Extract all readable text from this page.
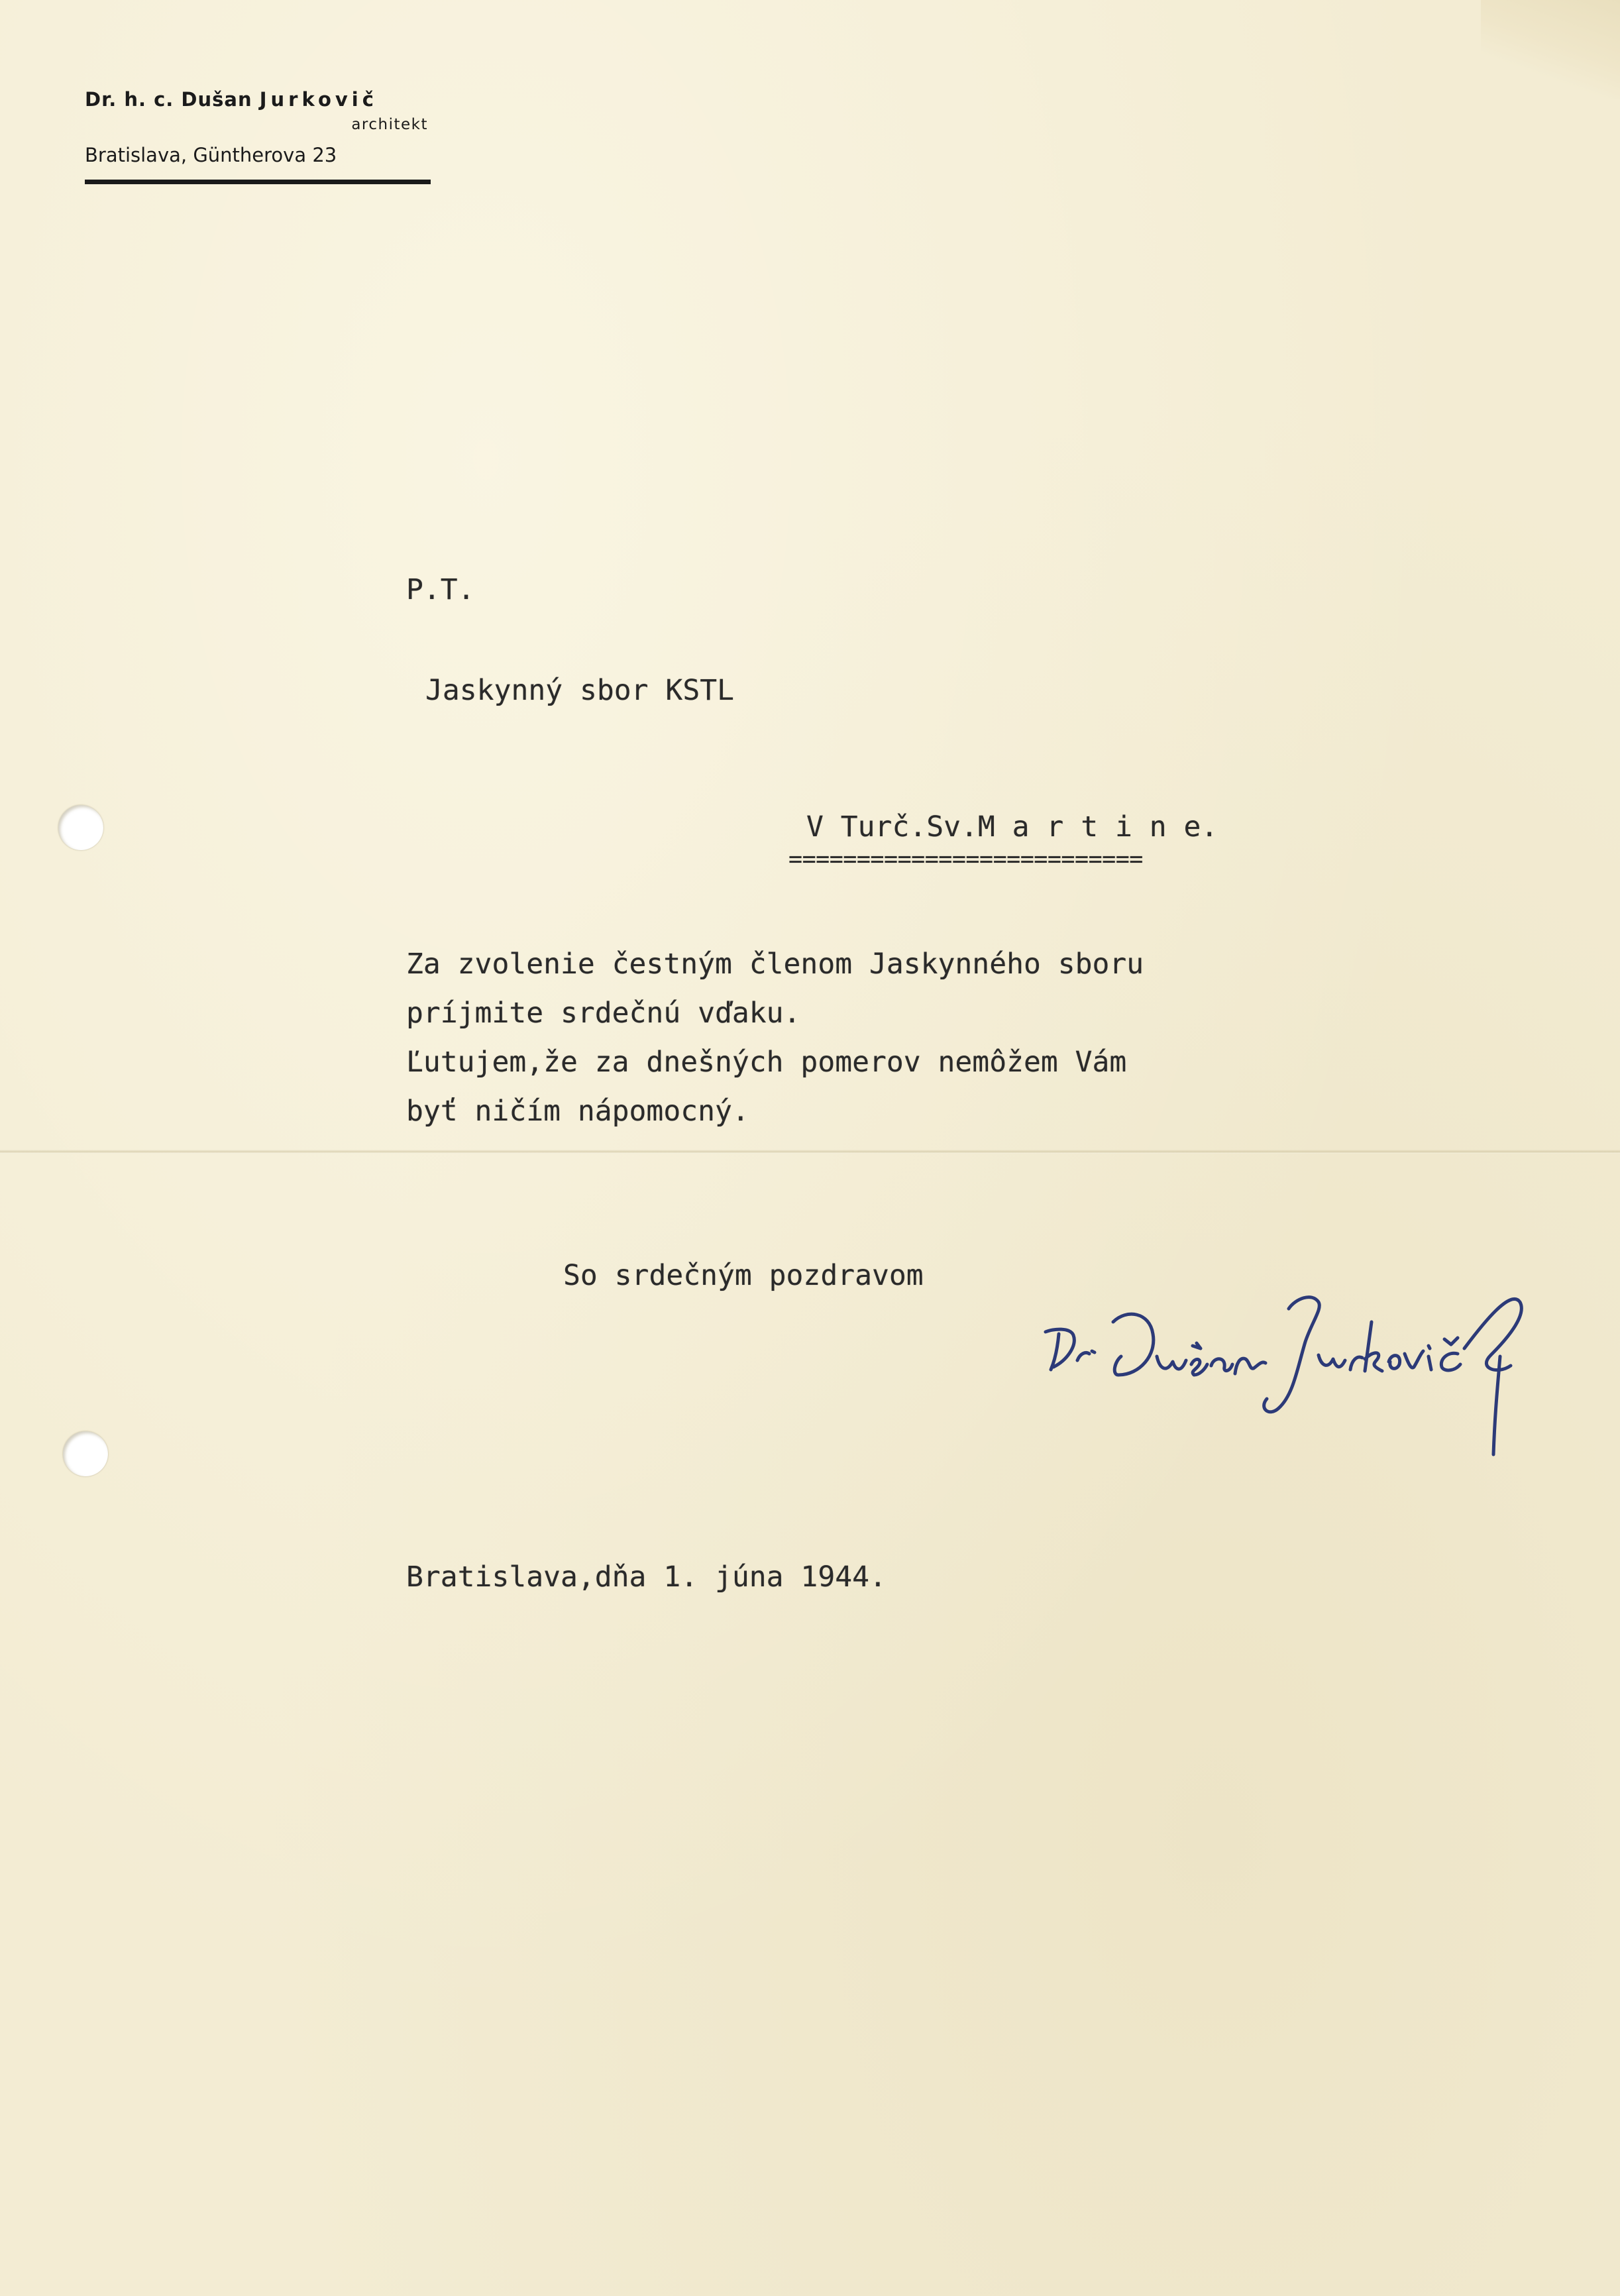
Dr. h. c. Dušan Jurkovič
architekt
Bratislava, Güntherova 23
P.T.
Jaskynný sbor KSTL
V Turč.Sv.M a r t i n e.
==========================
Za zvolenie čestným členom Jaskynného sboru
príjmite srdečnú vďaku.
Ľutujem,že za dnešných pomerov nemôžem Vám
byť ničím nápomocný.
So srdečným pozdravom
Bratislava,dňa 1. júna 1944.
